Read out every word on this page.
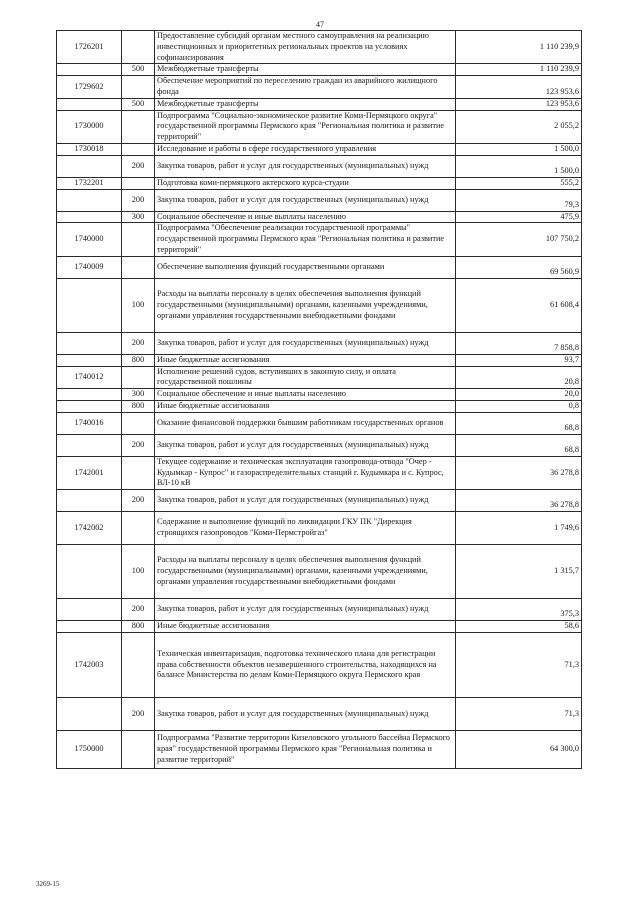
47
1726201		Предоставление субсидий органам местного самоуправления на реализацию инвестиционных и приоритетных региональных проектов на условиях софинансирования	1 110 239,9
	500	Межбюджетные трансферты	1 110 239,9
1729602		Обеспечение мероприятий по переселению граждан из аварийного жилищного фонда	123 953,6
	500	Межбюджетные трансферты	123 953,6
1730000		Подпрограмма "Социально-экономическое развитие Коми-Пермяцкого округа" государственной программы Пермского края "Региональная политика и развитие территорий"	2 055,2
1730018		Исследование и работы в сфере государственного управления	1 500,0
	200	Закупка товаров, работ и услуг для государственных (муниципальных) нужд	1 500,0
1732201		Подготовка коми-пермяцкого актерского курса-студии	555,2
	200	Закупка товаров, работ и услуг для государственных (муниципальных) нужд	79,3
	300	Социальное обеспечение и иные выплаты населению	475,9
1740000		Подпрограмма "Обеспечение реализации государственной программы" государственной программы Пермского края "Региональная политика и развитие территорий"	107 750,2
1740009		Обеспечение выполнения функций государственными органами	69 560,9
	100	Расходы на выплаты персоналу в целях обеспечения выполнения функций государственными (муниципальными) органами, казенными учреждениями, органами управления государственными внебюджетными фондами	61 608,4
	200	Закупка товаров, работ и услуг для государственных (муниципальных) нужд	7 858,8
	800	Иные бюджетные ассигнования	93,7
1740012		Исполнение решений судов, вступивших в законную силу, и оплата государственной пошлины	20,8
	300	Социальное обеспечение и иные выплаты населению	20,0
	800	Иные бюджетные ассигнования	0,8
1740016		Оказание финансовой поддержки бывшим работникам государственных органов	68,8
	200	Закупка товаров, работ и услуг для государственных (муниципальных) нужд	68,8
1742001		Текущее содержание и техническая эксплуатация газопровода-отвода "Очер - Кудымкар - Купрос" и газораспределительных станций г. Кудымкара и с. Купрос, ВЛ-10 кВ	36 278,8
	200	Закупка товаров, работ и услуг для государственных (муниципальных) нужд	36 278,8
1742002		Содержание и выполнение функций по ликвидации ГКУ ПК "Дирекция строящихся газопроводов "Коми-Пермстройгаз"	1 749,6
	100	Расходы на выплаты персоналу в целях обеспечения выполнения функций государственными (муниципальными) органами, казенными учреждениями, органами управления государственными внебюджетными фондами	1 315,7
	200	Закупка товаров, работ и услуг для государственных (муниципальных) нужд	375,3
	800	Иные бюджетные ассигнования	58,6
1742003		Техническая инвентаризация, подготовка технического плана для регистрации права собственности объектов незавершенного строительства, находящихся на балансе Министерства по делам Коми-Пермяцкого округа Пермского края	71,3
	200	Закупка товаров, работ и услуг для государственных (муниципальных) нужд	71,3
1750000		Подпрограмма "Развитие территории Кизеловского угольного бассейна Пермского края" государственной программы Пермского края "Региональная политика и развитие территорий"	64 300,0
3269-15
